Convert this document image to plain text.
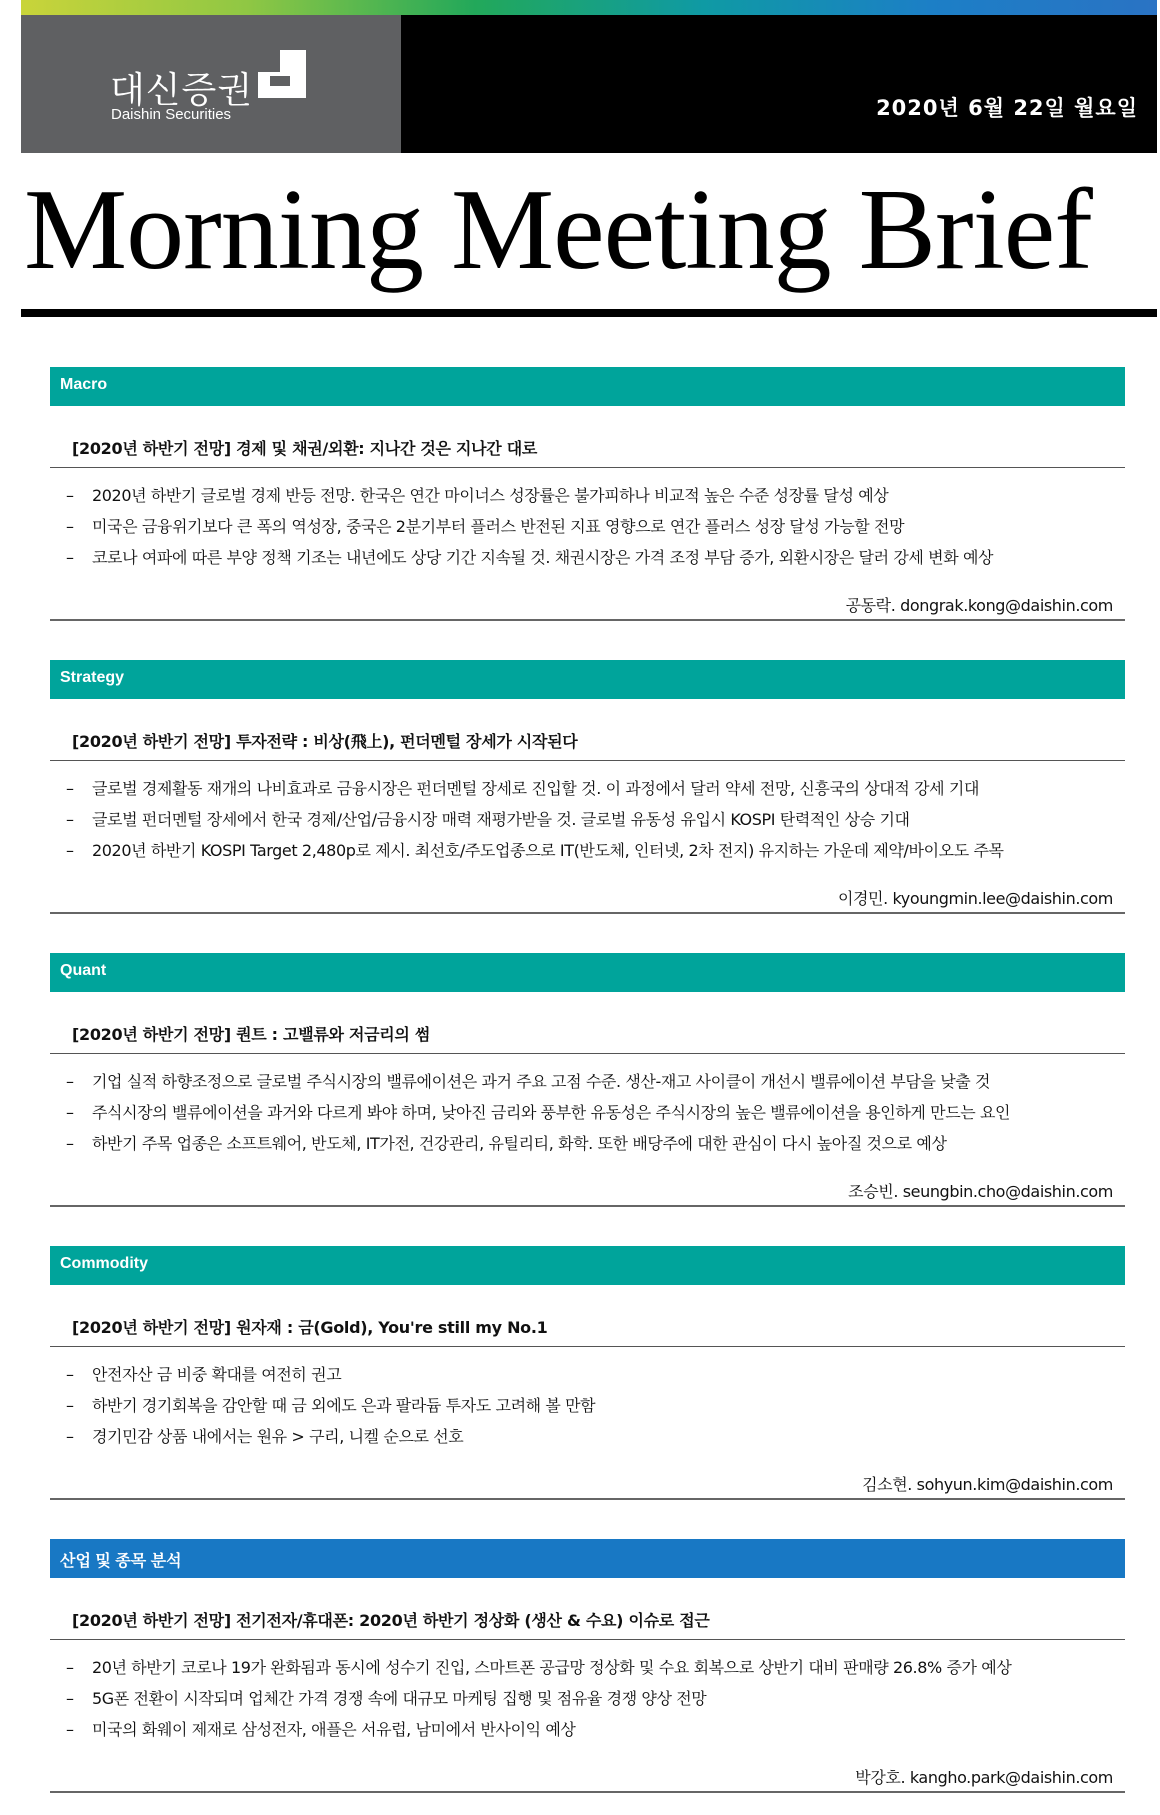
대신증권
Daishin Securities	2020년 6월 22일 월요일
Morning Meeting Brief
Macro
[2020년 하반기 전망] 경제 및 채권/외환: 지나간 것은 지나간 대로
– 2020년 하반기 글로벌 경제 반등 전망. 한국은 연간 마이너스 성장률은 불가피하나 비교적 높은 수준 성장률 달성 예상
– 미국은 금융위기보다 큰 폭의 역성장, 중국은 2분기부터 플러스 반전된 지표 영향으로 연간 플러스 성장 달성 가능할 전망
– 코로나 여파에 따른 부양 정책 기조는 내년에도 상당 기간 지속될 것. 채권시장은 가격 조정 부담 증가, 외환시장은 달러 강세 변화 예상
공동락. dongrak.kong@daishin.com
Strategy
[2020년 하반기 전망] 투자전략 : 비상(飛上), 펀더멘털 장세가 시작된다
– 글로벌 경제활동 재개의 나비효과로 금융시장은 펀더멘털 장세로 진입할 것. 이 과정에서 달러 약세 전망, 신흥국의 상대적 강세 기대
– 글로벌 펀더멘털 장세에서 한국 경제/산업/금융시장 매력 재평가받을 것. 글로벌 유동성 유입시 KOSPI 탄력적인 상승 기대
– 2020년 하반기 KOSPI Target 2,480p로 제시. 최선호/주도업종으로 IT(반도체, 인터넷, 2차 전지) 유지하는 가운데 제약/바이오도 주목
이경민. kyoungmin.lee@daishin.com
Quant
[2020년 하반기 전망] 퀀트 : 고밸류와 저금리의 썸
– 기업 실적 하향조정으로 글로벌 주식시장의 밸류에이션은 과거 주요 고점 수준. 생산-재고 사이클이 개선시 밸류에이션 부담을 낮출 것
– 주식시장의 밸류에이션을 과거와 다르게 봐야 하며, 낮아진 금리와 풍부한 유동성은 주식시장의 높은 밸류에이션을 용인하게 만드는 요인
– 하반기 주목 업종은 소프트웨어, 반도체, IT가전, 건강관리, 유틸리티, 화학. 또한 배당주에 대한 관심이 다시 높아질 것으로 예상
조승빈. seungbin.cho@daishin.com
Commodity
[2020년 하반기 전망] 원자재 : 금(Gold), You're still my No.1
– 안전자산 금 비중 확대를 여전히 권고
– 하반기 경기회복을 감안할 때 금 외에도 은과 팔라듐 투자도 고려해 볼 만함
– 경기민감 상품 내에서는 원유 > 구리, 니켈 순으로 선호
김소현. sohyun.kim@daishin.com
산업 및 종목 분석
[2020년 하반기 전망] 전기전자/휴대폰: 2020년 하반기 정상화 (생산 & 수요) 이슈로 접근
– 20년 하반기 코로나 19가 완화됨과 동시에 성수기 진입, 스마트폰 공급망 정상화 및 수요 회복으로 상반기 대비 판매량 26.8% 증가 예상
– 5G폰 전환이 시작되며 업체간 가격 경쟁 속에 대규모 마케팅 집행 및 점유율 경쟁 양상 전망
– 미국의 화웨이 제재로 삼성전자, 애플은 서유럽, 남미에서 반사이익 예상
박강호. kangho.park@daishin.com
